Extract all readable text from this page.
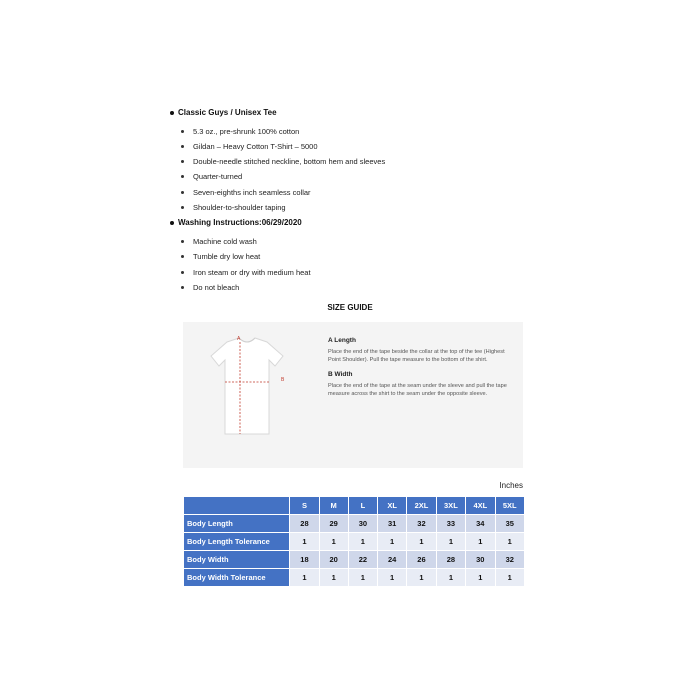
Classic Guys / Unisex Tee
5.3 oz., pre-shrunk 100% cotton
Gildan – Heavy Cotton T-Shirt – 5000
Double-needle stitched neckline, bottom hem and sleeves
Quarter-turned
Seven-eighths inch seamless collar
Shoulder-to-shoulder taping
Washing Instructions:06/29/2020
Machine cold wash
Tumble dry low heat
Iron steam or dry with medium heat
Do not bleach
SIZE GUIDE
A
B
A Length
Place the end of the tape beside the collar at the top of the tee (Highest
Point Shoulder). Pull the tape measure to the bottom of the shirt.
B Width
Place the end of the tape at the seam under the sleeve and pull the tape
measure across the shirt to the seam under the opposite sleeve.
Inches
	S	M	L	XL	2XL	3XL	4XL	5XL
Body Length	28	29	30	31	32	33	34	35
Body Length Tolerance	1	1	1	1	1	1	1	1
Body Width	18	20	22	24	26	28	30	32
Body Width Tolerance	1	1	1	1	1	1	1	1
